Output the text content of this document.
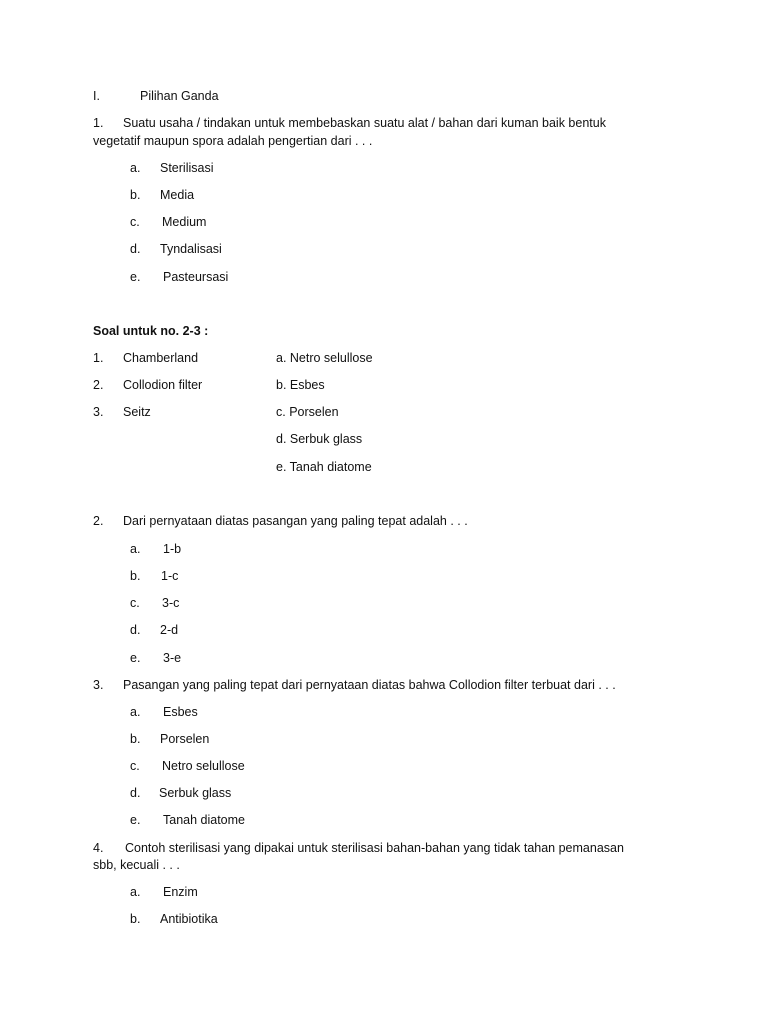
I.	Pilihan Ganda
1. Suatu usaha / tindakan untuk membebaskan suatu alat / bahan dari kuman baik bentuk
vegetatif maupun spora adalah pengertian dari . . .
a. Sterilisasi
b. Media
c. Medium
d. Tyndalisasi
e. Pasteursasi
Soal untuk no. 2-3 :
1. Chamberland	a. Netro selullose
2. Collodion filter	b. Esbes
3. Seitz	c. Porselen
d. Serbuk glass
e. Tanah diatome
2. Dari pernyataan diatas pasangan yang paling tepat adalah . . .
a. 1-b
b. 1-c
c. 3-c
d. 2-d
e. 3-e
3. Pasangan yang paling tepat dari pernyataan diatas bahwa Collodion filter terbuat dari . . .
a. Esbes
b. Porselen
c. Netro selullose
d. Serbuk glass
e. Tanah diatome
4. Contoh sterilisasi yang dipakai untuk sterilisasi bahan-bahan yang tidak tahan pemanasan
sbb, kecuali . . .
a. Enzim
b. Antibiotika
